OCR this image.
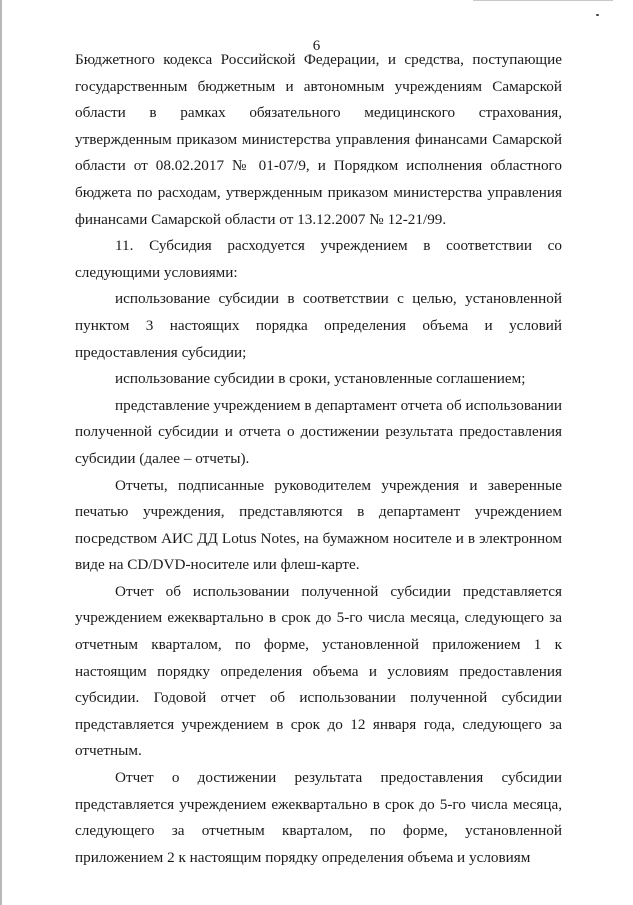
6

Бюджетного кодекса Российской Федерации, и средства, поступающие государственным бюджетным и автономным учреждениям Самарской области в рамках обязательного медицинского страхования, утвержденным приказом министерства управления финансами Самарской области от 08.02.2017 № 01-07/9, и Порядком исполнения областного бюджета по расходам, утвержденным приказом министерства управления финансами Самарской области от 13.12.2007 № 12-21/99.

11. Субсидия расходуется учреждением в соответствии со следующими условиями:

использование субсидии в соответствии с целью, установленной пунктом 3 настоящих порядка определения объема и условий предоставления субсидии;

использование субсидии в сроки, установленные соглашением;

представление учреждением в департамент отчета об использовании полученной субсидии и отчета о достижении результата предоставления субсидии (далее – отчеты).

Отчеты, подписанные руководителем учреждения и заверенные печатью учреждения, представляются в департамент учреждением посредством АИС ДД Lotus Notes, на бумажном носителе и в электронном виде на CD/DVD-носителе или флеш-карте.

Отчет об использовании полученной субсидии представляется учреждением ежеквартально в срок до 5-го числа месяца, следующего за отчетным кварталом, по форме, установленной приложением 1 к настоящим порядку определения объема и условиям предоставления субсидии. Годовой отчет об использовании полученной субсидии представляется учреждением в срок до 12 января года, следующего за отчетным.

Отчет о достижении результата предоставления субсидии представляется учреждением ежеквартально в срок до 5-го числа месяца, следующего за отчетным кварталом, по форме, установленной приложением 2 к настоящим порядку определения объема и условиям
